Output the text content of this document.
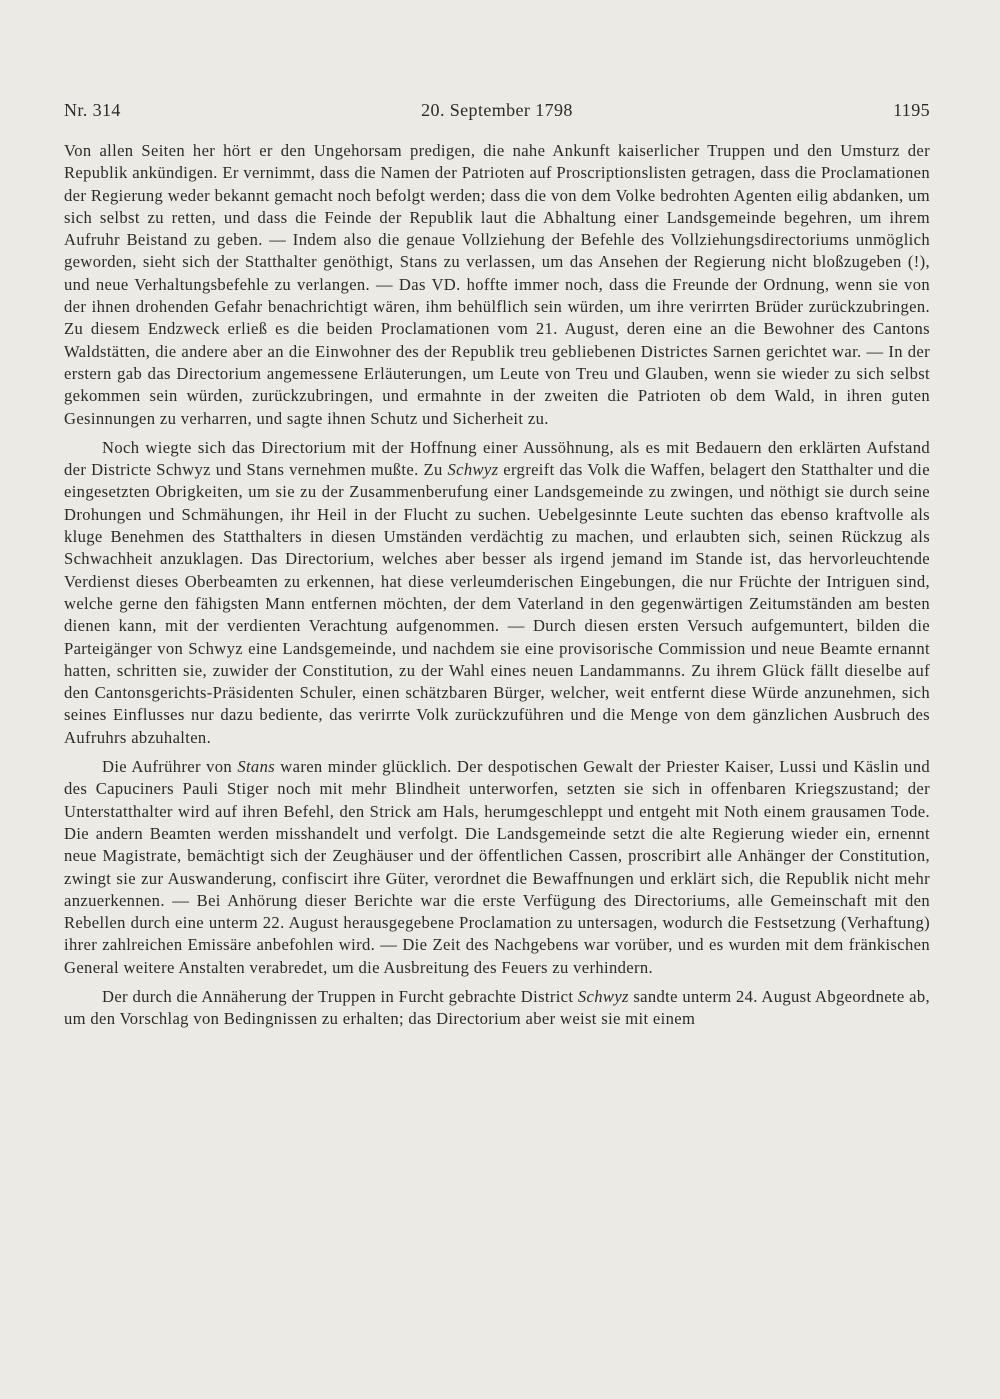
Nr. 314	20. September 1798	1195

Von allen Seiten her hört er den Ungehorsam predigen, die nahe Ankunft kaiserlicher Truppen und den Umsturz der Republik ankündigen. Er vernimmt, dass die Namen der Patrioten auf Proscriptionslisten getragen, dass die Proclamationen der Regierung weder bekannt gemacht noch befolgt werden; dass die von dem Volke bedrohten Agenten eilig abdanken, um sich selbst zu retten, und dass die Feinde der Republik laut die Abhaltung einer Landsgemeinde begehren, um ihrem Aufruhr Beistand zu geben. — Indem also die genaue Vollziehung der Befehle des Vollziehungsdirectoriums unmöglich geworden, sieht sich der Statthalter genöthigt, Stans zu verlassen, um das Ansehen der Regierung nicht bloßzugeben (!), und neue Verhaltungsbefehle zu verlangen. — Das VD. hoffte immer noch, dass die Freunde der Ordnung, wenn sie von der ihnen drohenden Gefahr benachrichtigt wären, ihm behülflich sein würden, um ihre verirrten Brüder zurückzubringen. Zu diesem Endzweck erließ es die beiden Proclamationen vom 21. August, deren eine an die Bewohner des Cantons Waldstätten, die andere aber an die Einwohner des der Republik treu gebliebenen Districtes Sarnen gerichtet war. — In der erstern gab das Directorium angemessene Erläuterungen, um Leute von Treu und Glauben, wenn sie wieder zu sich selbst gekommen sein würden, zurückzubringen, und ermahnte in der zweiten die Patrioten ob dem Wald, in ihren guten Gesinnungen zu verharren, und sagte ihnen Schutz und Sicherheit zu.

Noch wiegte sich das Directorium mit der Hoffnung einer Aussöhnung, als es mit Bedauern den erklärten Aufstand der Districte Schwyz und Stans vernehmen mußte. Zu Schwyz ergreift das Volk die Waffen, belagert den Statthalter und die eingesetzten Obrigkeiten, um sie zu der Zusammenberufung einer Landsgemeinde zu zwingen, und nöthigt sie durch seine Drohungen und Schmähungen, ihr Heil in der Flucht zu suchen. Uebelgesinnte Leute suchten das ebenso kraftvolle als kluge Benehmen des Statthalters in diesen Umständen verdächtig zu machen, und erlaubten sich, seinen Rückzug als Schwachheit anzuklagen. Das Directorium, welches aber besser als irgend jemand im Stande ist, das hervorleuchtende Verdienst dieses Oberbeamten zu erkennen, hat diese verleumderischen Eingebungen, die nur Früchte der Intriguen sind, welche gerne den fähigsten Mann entfernen möchten, der dem Vaterland in den gegenwärtigen Zeitumständen am besten dienen kann, mit der verdienten Verachtung aufgenommen. — Durch diesen ersten Versuch aufgemuntert, bilden die Parteigänger von Schwyz eine Landsgemeinde, und nachdem sie eine provisorische Commission und neue Beamte ernannt hatten, schritten sie, zuwider der Constitution, zu der Wahl eines neuen Landammanns. Zu ihrem Glück fällt dieselbe auf den Cantonsgerichts-Präsidenten Schuler, einen schätzbaren Bürger, welcher, weit entfernt diese Würde anzunehmen, sich seines Einflusses nur dazu bediente, das verirrte Volk zurückzuführen und die Menge von dem gänzlichen Ausbruch des Aufruhrs abzuhalten.

Die Aufrührer von Stans waren minder glücklich. Der despotischen Gewalt der Priester Kaiser, Lussi und Käslin und des Capuciners Pauli Stiger noch mit mehr Blindheit unterworfen, setzten sie sich in offenbaren Kriegszustand; der Unterstatthalter wird auf ihren Befehl, den Strick am Hals, herumgeschleppt und entgeht mit Noth einem grausamen Tode. Die andern Beamten werden misshandelt und verfolgt. Die Landsgemeinde setzt die alte Regierung wieder ein, ernennt neue Magistrate, bemächtigt sich der Zeughäuser und der öffentlichen Cassen, proscribirt alle Anhänger der Constitution, zwingt sie zur Auswanderung, confiscirt ihre Güter, verordnet die Bewaffnungen und erklärt sich, die Republik nicht mehr anzuerkennen. — Bei Anhörung dieser Berichte war die erste Verfügung des Directoriums, alle Gemeinschaft mit den Rebellen durch eine unterm 22. August herausgegebene Proclamation zu untersagen, wodurch die Festsetzung (Verhaftung) ihrer zahlreichen Emissäre anbefohlen wird. — Die Zeit des Nachgebens war vorüber, und es wurden mit dem fränkischen General weitere Anstalten verabredet, um die Ausbreitung des Feuers zu verhindern.

Der durch die Annäherung der Truppen in Furcht gebrachte District Schwyz sandte unterm 24. August Abgeordnete ab, um den Vorschlag von Bedingnissen zu erhalten; das Directorium aber weist sie mit einem
